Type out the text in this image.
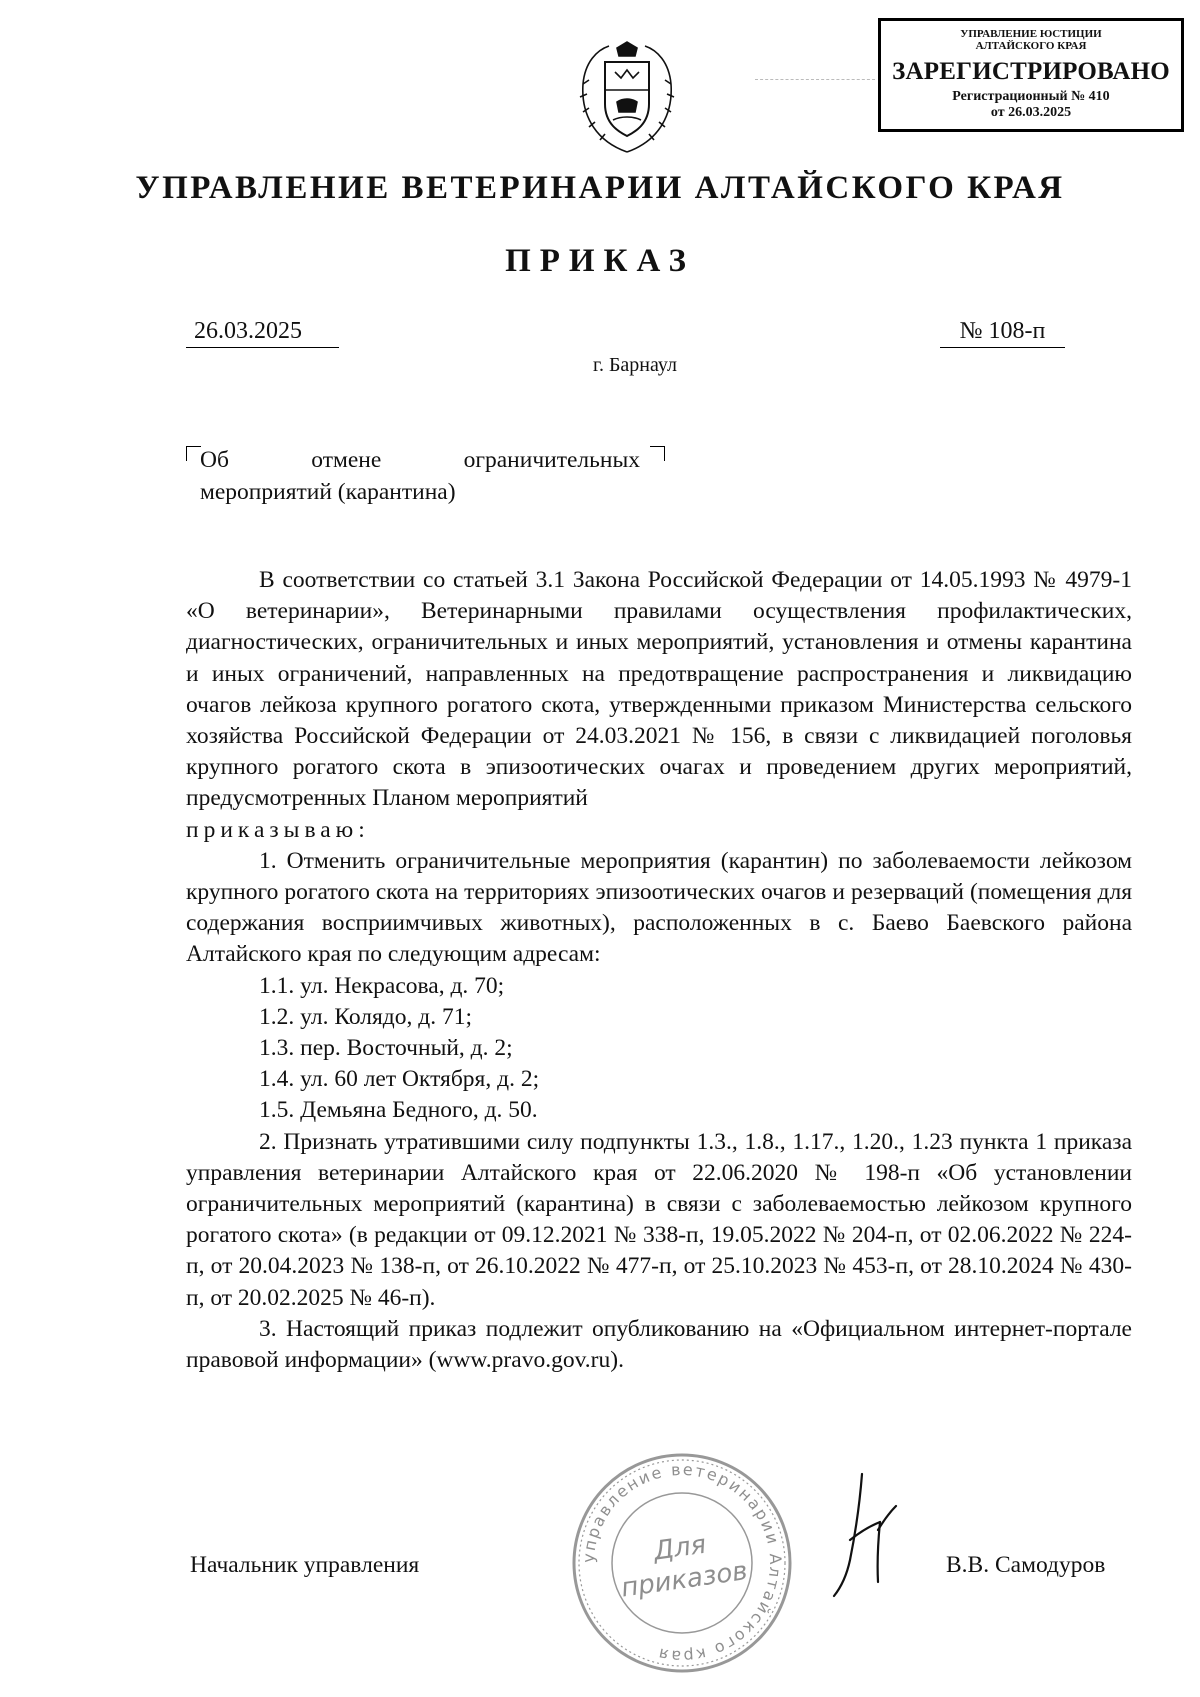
УПРАВЛЕНИЕ ЮСТИЦИИ
АЛТАЙСКОГО КРАЯ
ЗАРЕГИСТРИРОВАНО
Регистрационный № 410
от 26.03.2025
УПРАВЛЕНИЕ ВЕТЕРИНАРИИ АЛТАЙСКОГО КРАЯ
ПРИКАЗ
26.03.2025	№ 108-п
г. Барнаул
Об отмене ограничительных
мероприятий (карантина)

В соответствии со статьей 3.1 Закона Российской Федерации от 14.05.1993 № 4979-1 «О ветеринарии», Ветеринарными правилами осуществления профилактических, диагностических, ограничительных и иных мероприятий, установления и отмены карантина и иных ограничений, направленных на предотвращение распространения и ликвидацию очагов лейкоза крупного рогатого скота, утвержденными приказом Министерства сельского хозяйства Российской Федерации от 24.03.2021 № 156, в связи с ликвидацией поголовья крупного рогатого скота в эпизоотических очагах и проведением других мероприятий, предусмотренных Планом мероприятий

приказываю:

1. Отменить ограничительные мероприятия (карантин) по заболеваемости лейкозом крупного рогатого скота на территориях эпизоотических очагов и резерваций (помещения для содержания восприимчивых животных), расположенных в с. Баево Баевского района Алтайского края по следующим адресам:

1.1. ул. Некрасова, д. 70;

1.2. ул. Колядо, д. 71;

1.3. пер. Восточный, д. 2;

1.4. ул. 60 лет Октября, д. 2;

1.5. Демьяна Бедного, д. 50.

2. Признать утратившими силу подпункты 1.3., 1.8., 1.17., 1.20., 1.23 пункта 1 приказа управления ветеринарии Алтайского края от 22.06.2020 № 198-п «Об установлении ограничительных мероприятий (карантина) в связи с заболеваемостью лейкозом крупного рогатого скота» (в редакции от 09.12.2021 № 338-п, 19.05.2022 № 204-п, от 02.06.2022 № 224-п, от 20.04.2023 № 138-п, от 26.10.2022 № 477-п, от 25.10.2023 № 453-п, от 28.10.2024 № 430-п, от 20.02.2025 № 46-п).

3. Настоящий приказ подлежит опубликованию на «Официальном интернет-портале правовой информации» (www.pravo.gov.ru).

Начальник управления	управление ветеринарии Алтайского края
Для
приказов	В.В. Самодуров
